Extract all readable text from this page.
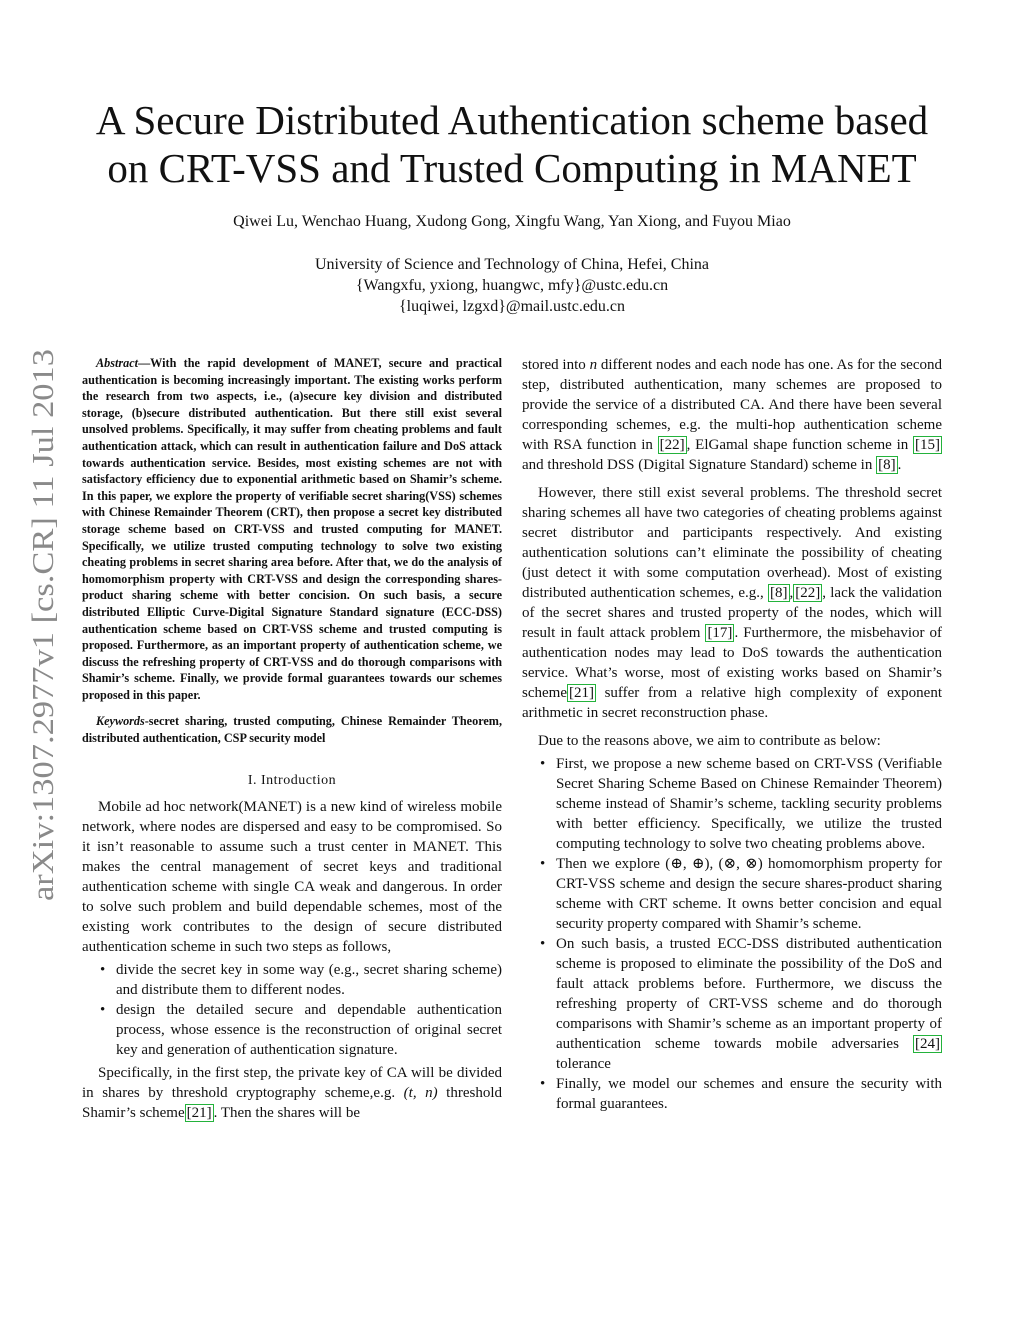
A Secure Distributed Authentication scheme based
on CRT-VSS and Trusted Computing in MANET
Qiwei Lu, Wenchao Huang, Xudong Gong, Xingfu Wang, Yan Xiong, and Fuyou Miao
University of Science and Technology of China, Hefei, China
{Wangxfu, yxiong, huangwc, mfy}@ustc.edu.cn
{luqiwei, lzgxd}@mail.ustc.edu.cn
arXiv:1307.2977v1 [cs.CR] 11 Jul 2013

Abstract—With the rapid development of MANET, secure and practical authentication is becoming increasingly important. The existing works perform the research from two aspects, i.e., (a)secure key division and distributed storage, (b)secure distributed authentication. But there still exist several unsolved problems. Specifically, it may suffer from cheating problems and fault authentication attack, which can result in authentication failure and DoS attack towards authentication service. Besides, most existing schemes are not with satisfactory efficiency due to exponential arithmetic based on Shamir’s scheme. In this paper, we explore the property of verifiable secret sharing(VSS) schemes with Chinese Remainder Theorem (CRT), then propose a secret key distributed storage scheme based on CRT-VSS and trusted computing for MANET. Specifically, we utilize trusted computing technology to solve two existing cheating problems in secret sharing area before. After that, we do the analysis of homomorphism property with CRT-VSS and design the corresponding shares-product sharing scheme with better concision. On such basis, a secure distributed Elliptic Curve-Digital Signature Standard signature (ECC-DSS) authentication scheme based on CRT-VSS scheme and trusted computing is proposed. Furthermore, as an important property of authentication scheme, we discuss the refreshing property of CRT-VSS and do thorough comparisons with Shamir’s scheme. Finally, we provide formal guarantees towards our schemes proposed in this paper.

Keywords-secret sharing, trusted computing, Chinese Remainder Theorem, distributed authentication, CSP security model

I. Introduction

Mobile ad hoc network(MANET) is a new kind of wireless mobile network, where nodes are dispersed and easy to be compromised. So it isn’t reasonable to assume such a trust center in MANET. This makes the central management of secret keys and traditional authentication scheme with single CA weak and dangerous. In order to solve such problem and build dependable schemes, most of the existing work contributes to the design of secure distributed authentication scheme in such two steps as follows,

• divide the secret key in some way (e.g., secret sharing scheme) and distribute them to different nodes.
• design the detailed secure and dependable authentication process, whose essence is the reconstruction of original secret key and generation of authentication signature.

Specifically, in the first step, the private key of CA will be divided in shares by threshold cryptography scheme,e.g. (t, n) threshold Shamir’s scheme [21] . Then the shares will be

stored into n different nodes and each node has one. As for the second step, distributed authentication, many schemes are proposed to provide the service of a distributed CA. And there have been several corresponding schemes, e.g. the multi-hop authentication scheme with RSA function in [22] , ElGamal shape function scheme in [15] and threshold DSS (Digital Signature Standard) scheme in [8] .

However, there still exist several problems. The threshold secret sharing schemes all have two categories of cheating problems against secret distributor and participants respectively. And existing authentication solutions can’t eliminate the possibility of cheating (just detect it with some computation overhead). Most of existing distributed authentication schemes, e.g., [8] , [22] , lack the validation of the secret shares and trusted property of the nodes, which will result in fault attack problem [17] . Furthermore, the misbehavior of authentication nodes may lead to DoS towards the authentication service. What’s worse, most of existing works based on Shamir’s scheme [21] suffer from a relative high complexity of exponent arithmetic in secret reconstruction phase.

Due to the reasons above, we aim to contribute as below:

• First, we propose a new scheme based on CRT-VSS (Verifiable Secret Sharing Scheme Based on Chinese Remainder Theorem) scheme instead of Shamir’s scheme, tackling security problems with better efficiency. Specifically, we utilize the trusted computing technology to solve two cheating problems above.
• Then we explore (⊕, ⊕), (⊗, ⊗) homomorphism property for CRT-VSS scheme and design the secure shares-product sharing scheme with CRT scheme. It owns better concision and equal security property compared with Shamir’s scheme.
• On such basis, a trusted ECC-DSS distributed authentication scheme is proposed to eliminate the possibility of the DoS and fault attack problems before. Furthermore, we discuss the refreshing property of CRT-VSS scheme and do thorough comparisons with Shamir’s scheme as an important property of authentication scheme towards mobile adversaries [24] tolerance
• Finally, we model our schemes and ensure the security with formal guarantees.
